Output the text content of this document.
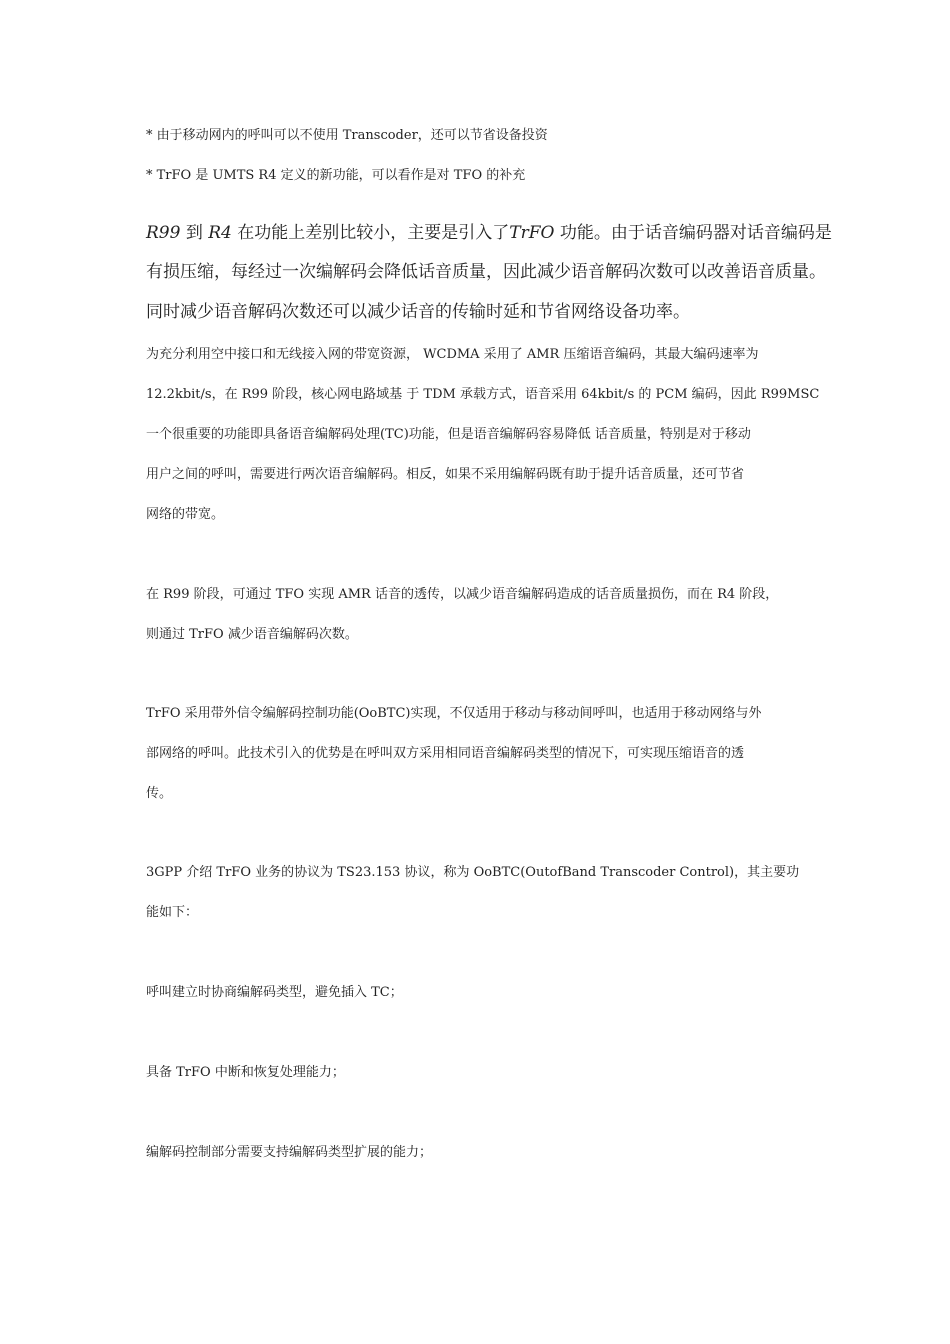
* 由于移动网内的呼叫可以不使用 Transcoder，还可以节省设备投资
* TrFO 是 UMTS R4 定义的新功能，可以看作是对 TFO 的补充
R99 到 R4 在功能上差别比较小，主要是引入了TrFO 功能。由于话音编码器对话音编码是
有损压缩，每经过一次编解码会降低话音质量，因此减少语音解码次数可以改善语音质量。
同时减少语音解码次数还可以减少话音的传输时延和节省网络设备功率。
为充分利用空中接口和无线接入网的带宽资源， WCDMA 采用了 AMR 压缩语音编码，其最大编码速率为
12.2kbit/s，在 R99 阶段，核心网电路域基 于 TDM 承载方式，语音采用 64kbit/s 的 PCM 编码，因此 R99MSC
一个很重要的功能即具备语音编解码处理(TC)功能，但是语音编解码容易降低 话音质量，特别是对于移动
用户之间的呼叫，需要进行两次语音编解码。相反，如果不采用编解码既有助于提升话音质量，还可节省
网络的带宽。
在 R99 阶段，可通过 TFO 实现 AMR 话音的透传，以减少语音编解码造成的话音质量损伤，而在 R4 阶段，
则通过 TrFO 减少语音编解码次数。
TrFO 采用带外信令编解码控制功能(OoBTC)实现，不仅适用于移动与移动间呼叫，也适用于移动网络与外
部网络的呼叫。此技术引入的优势是在呼叫双方采用相同语音编解码类型的情况下，可实现压缩语音的透
传。
3GPP 介绍 TrFO 业务的协议为 TS23.153 协议，称为 OoBTC(OutofBand Transcoder Control)，其主要功
能如下：
呼叫建立时协商编解码类型，避免插入 TC；
具备 TrFO 中断和恢复处理能力；
编解码控制部分需要支持编解码类型扩展的能力；
